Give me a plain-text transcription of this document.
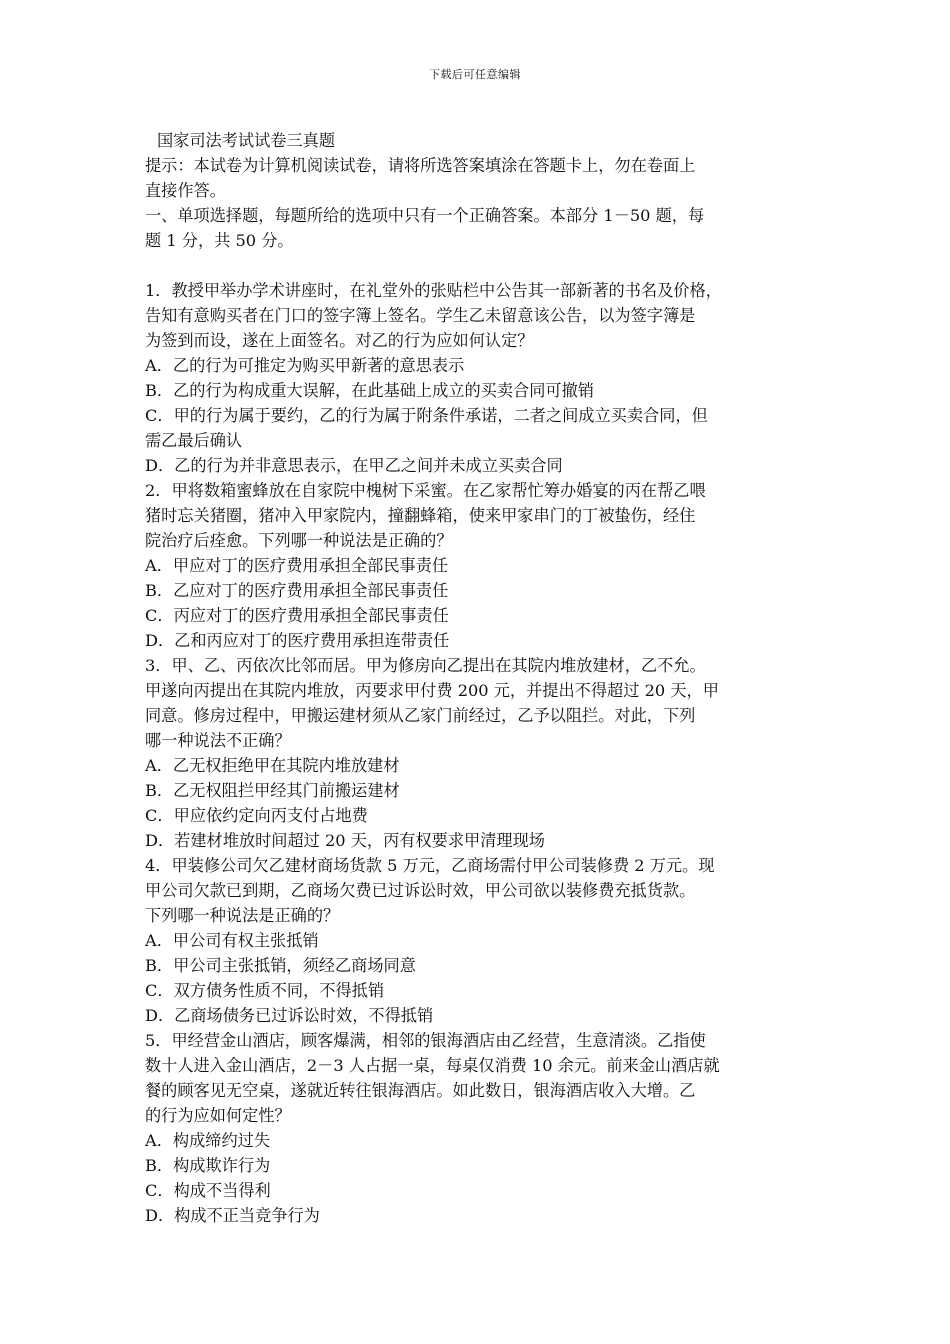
下载后可任意编辑

国家司法考试试卷三真题

提示：本试卷为计算机阅读试卷，请将所选答案填涂在答题卡上，勿在卷面上

直接作答。

一、单项选择题，每题所给的选项中只有一个正确答案。本部分 1－50 题，每

题 1 分，共 50 分。

1．教授甲举办学术讲座时，在礼堂外的张贴栏中公告其一部新著的书名及价格，

告知有意购买者在门口的签字簿上签名。学生乙未留意该公告，以为签字簿是

为签到而设，遂在上面签名。对乙的行为应如何认定？

A．乙的行为可推定为购买甲新著的意思表示

B．乙的行为构成重大误解，在此基础上成立的买卖合同可撤销

C．甲的行为属于要约，乙的行为属于附条件承诺，二者之间成立买卖合同，但

需乙最后确认

D．乙的行为并非意思表示，在甲乙之间并未成立买卖合同

2．甲将数箱蜜蜂放在自家院中槐树下采蜜。在乙家帮忙筹办婚宴的丙在帮乙喂

猪时忘关猪圈，猪冲入甲家院内，撞翻蜂箱，使来甲家串门的丁被蛰伤，经住

院治疗后痊愈。下列哪一种说法是正确的？

A．甲应对丁的医疗费用承担全部民事责任

B．乙应对丁的医疗费用承担全部民事责任

C．丙应对丁的医疗费用承担全部民事责任

D．乙和丙应对丁的医疗费用承担连带责任

3．甲、乙、丙依次比邻而居。甲为修房向乙提出在其院内堆放建材，乙不允。

甲遂向丙提出在其院内堆放，丙要求甲付费 200 元，并提出不得超过 20 天，甲

同意。修房过程中，甲搬运建材须从乙家门前经过，乙予以阻拦。对此，下列

哪一种说法不正确？

A．乙无权拒绝甲在其院内堆放建材

B．乙无权阻拦甲经其门前搬运建材

C．甲应依约定向丙支付占地费

D．若建材堆放时间超过 20 天，丙有权要求甲清理现场

4．甲装修公司欠乙建材商场货款 5 万元，乙商场需付甲公司装修费 2 万元。现

甲公司欠款已到期，乙商场欠费已过诉讼时效，甲公司欲以装修费充抵货款。

下列哪一种说法是正确的？

A．甲公司有权主张抵销

B．甲公司主张抵销，须经乙商场同意

C．双方债务性质不同，不得抵销

D．乙商场债务已过诉讼时效，不得抵销

5．甲经营金山酒店，顾客爆满，相邻的银海酒店由乙经营，生意清淡。乙指使

数十人进入金山酒店，2－3 人占据一桌，每桌仅消费 10 余元。前来金山酒店就

餐的顾客见无空桌，遂就近转往银海酒店。如此数日，银海酒店收入大增。乙

的行为应如何定性？

A．构成缔约过失

B．构成欺诈行为

C．构成不当得利

D．构成不正当竞争行为
